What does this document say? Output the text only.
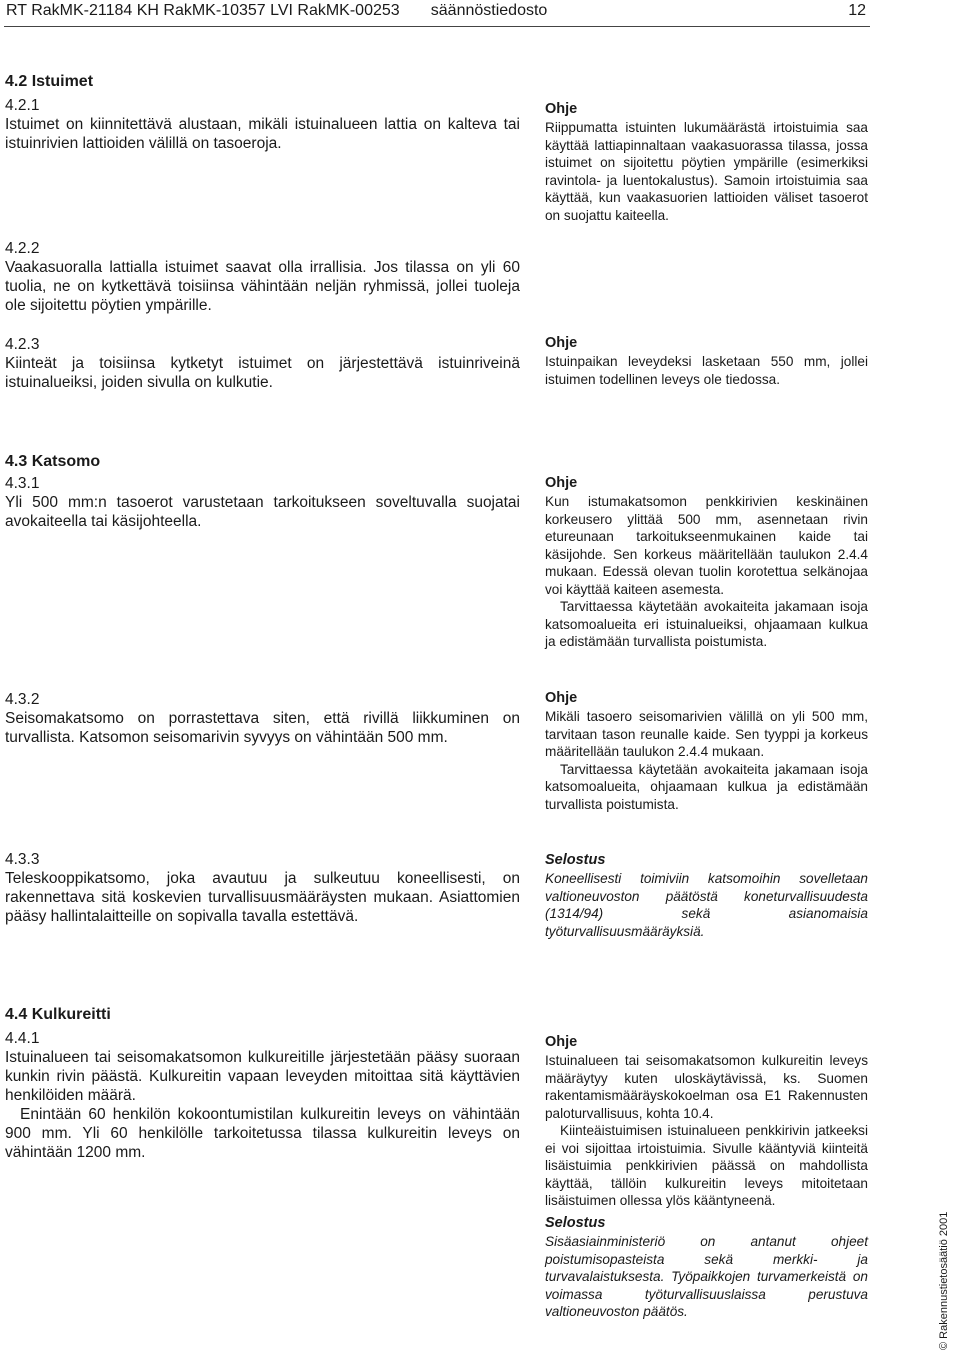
RT RakMK-21184 KH RakMK-10357 LVI RakMK-00253       säännöstiedosto	12
4.2 Istuimet
4.2.1
Istuimet on kiinnitettävä alustaan, mikäli istuinalueen lattia on kalteva tai istuinrivien lattioiden välillä on tasoeroja.
4.2.2
Vaakasuoralla lattialla istuimet saavat olla irrallisia. Jos tilassa on yli 60 tuolia, ne on kytkettävä toisiinsa vähintään neljän ryhmissä, jollei tuoleja ole sijoitettu pöytien ympärille.
4.2.3
Kiinteät ja toisiinsa kytketyt istuimet on järjestettävä istuinriveinä istuinalueiksi, joiden sivulla on kulkutie.
Ohje
Riippumatta istuinten lukumäärästä irtoistuimia saa käyttää lattiapinnaltaan vaakasuorassa tilassa, jossa istuimet on sijoitettu pöytien ympärille (esimerkiksi ravintola- ja luentokalustus). Samoin irtoistuimia saa käyttää, kun vaakasuorien lattioiden väliset tasoerot on suojattu kaiteella.
Ohje
Istuinpaikan leveydeksi lasketaan 550 mm, jollei istuimen todellinen leveys ole tiedossa.
4.3 Katsomo
4.3.1
Yli 500 mm:n tasoerot varustetaan tarkoitukseen soveltuvalla suojatai avokaiteella tai käsijohteella.
Ohje
Kun istumakatsomon penkkirivien keskinäinen korkeusero ylittää 500 mm, asennetaan rivin etureunaan tarkoitukseenmukainen kaide tai käsijohde. Sen korkeus määritellään taulukon 2.4.4 mukaan. Edessä olevan tuolin korotettua selkänojaa voi käyttää kaiteen asemesta.
Tarvittaessa käytetään avokaiteita jakamaan isoja katsomoalueita eri istuinalueiksi, ohjaamaan kulkua ja edistämään turvallista poistumista.
4.3.2
Seisomakatsomo on porrastettava siten, että rivillä liikkuminen on turvallista. Katsomon seisomarivin syvyys on vähintään 500 mm.
Ohje
Mikäli tasoero seisomarivien välillä on yli 500 mm, tarvitaan tason reunalle kaide. Sen tyyppi ja korkeus määritellään taulukon 2.4.4 mukaan.
Tarvittaessa käytetään avokaiteita jakamaan isoja katsomoalueita, ohjaamaan kulkua ja edistämään turvallista poistumista.
4.3.3
Teleskooppikatsomo, joka avautuu ja sulkeutuu koneellisesti, on rakennettava sitä koskevien turvallisuusmääräysten mukaan. Asiattomien pääsy hallintalaitteille on sopivalla tavalla estettävä.
Selostus
Koneellisesti toimiviin katsomoihin sovelletaan valtioneuvoston päätöstä koneturvallisuudesta (1314/94) sekä asianomaisia työturvallisuusmääräyksiä.
4.4 Kulkureitti
4.4.1
Istuinalueen tai seisomakatsomon kulkureitille järjestetään pääsy suoraan kunkin rivin päästä. Kulkureitin vapaan leveyden mitoittaa sitä käyttävien henkilöiden määrä.
Enintään 60 henkilön kokoontumistilan kulkureitin leveys on vähintään 900 mm. Yli 60 henkilölle tarkoitetussa tilassa kulkureitin leveys on vähintään 1200 mm.
Ohje
Istuinalueen tai seisomakatsomon kulkureitin leveys määräytyy kuten uloskäytävissä, ks. Suomen rakentamismääräyskokoelman osa E1 Rakennusten paloturvallisuus, kohta 10.4.
Kiinteäistuimisen istuinalueen penkkirivin jatkeeksi ei voi sijoittaa irtoistuimia. Sivulle kääntyviä kiinteitä lisäistuimia penkkirivien päässä on mahdollista käyttää, tällöin kulkureitin leveys mitoitetaan lisäistuimen ollessa ylös kääntyneenä.
Selostus
Sisäasiainministeriö on antanut ohjeet poistumisopasteista sekä merkki- ja turvavalaistuksesta. Työpaikkojen turvamerkeistä on voimassa työturvallisuuslaissa perustuva valtioneuvoston päätös.	© Rakennustietosäätiö 2001
